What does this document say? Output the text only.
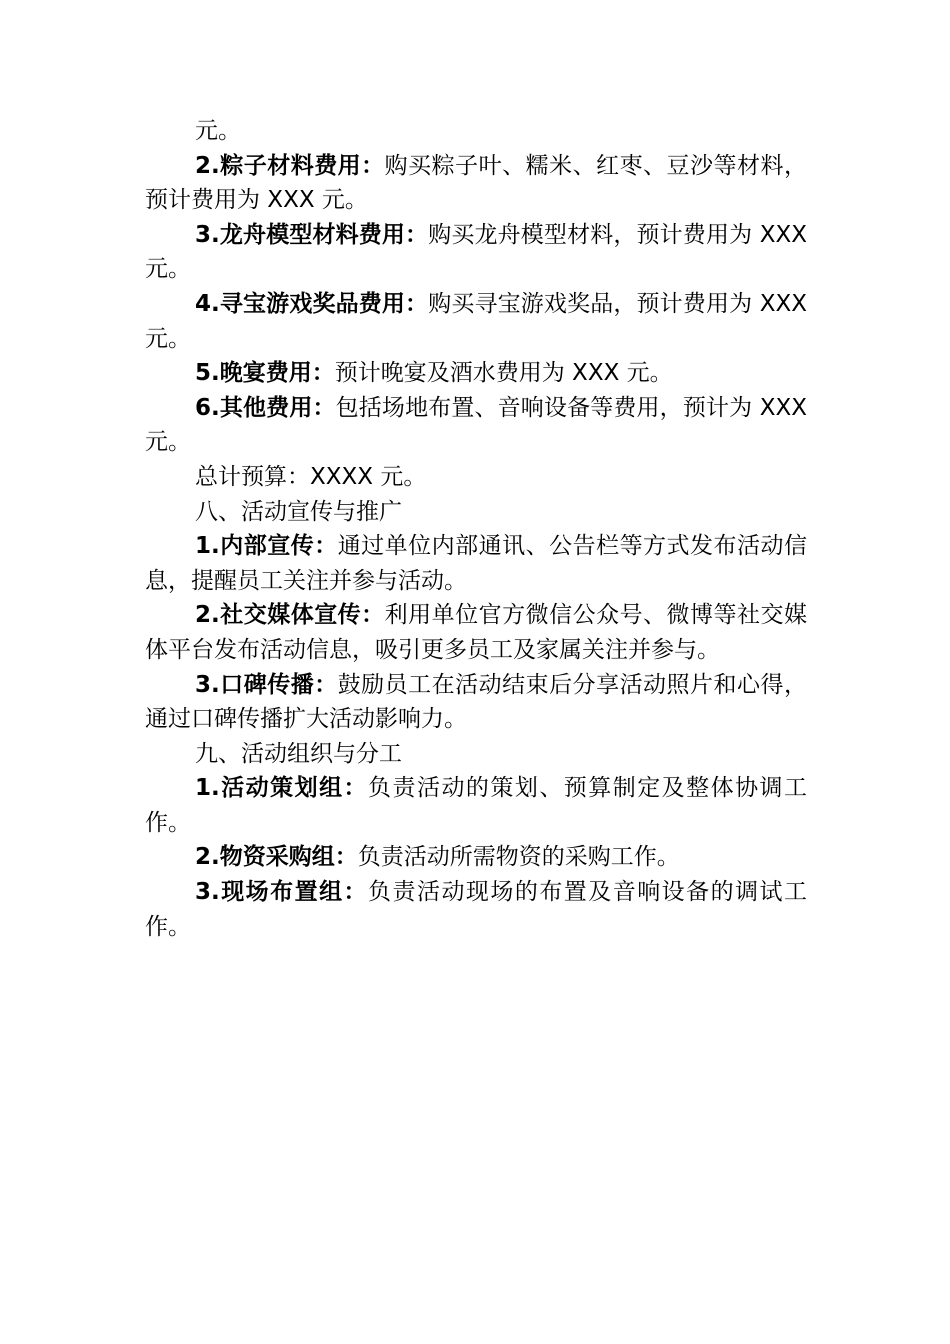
元。

2.粽子材料费用：购买粽子叶、糯米、红枣、豆沙等材料，预计费用为 XXX 元。

3.龙舟模型材料费用：购买龙舟模型材料，预计费用为 XXX 元。

4.寻宝游戏奖品费用：购买寻宝游戏奖品，预计费用为 XXX 元。

5.晚宴费用：预计晚宴及酒水费用为 XXX 元。

6.其他费用：包括场地布置、音响设备等费用，预计为 XXX 元。

总计预算：XXXX 元。

八、活动宣传与推广

1.内部宣传：通过单位内部通讯、公告栏等方式发布活动信息，提醒员工关注并参与活动。

2.社交媒体宣传：利用单位官方微信公众号、微博等社交媒体平台发布活动信息，吸引更多员工及家属关注并参与。

3.口碑传播：鼓励员工在活动结束后分享活动照片和心得，通过口碑传播扩大活动影响力。

九、活动组织与分工

1.活动策划组：负责活动的策划、预算制定及整体协调工作。

2.物资采购组：负责活动所需物资的采购工作。

3.现场布置组：负责活动现场的布置及音响设备的调试工作。
